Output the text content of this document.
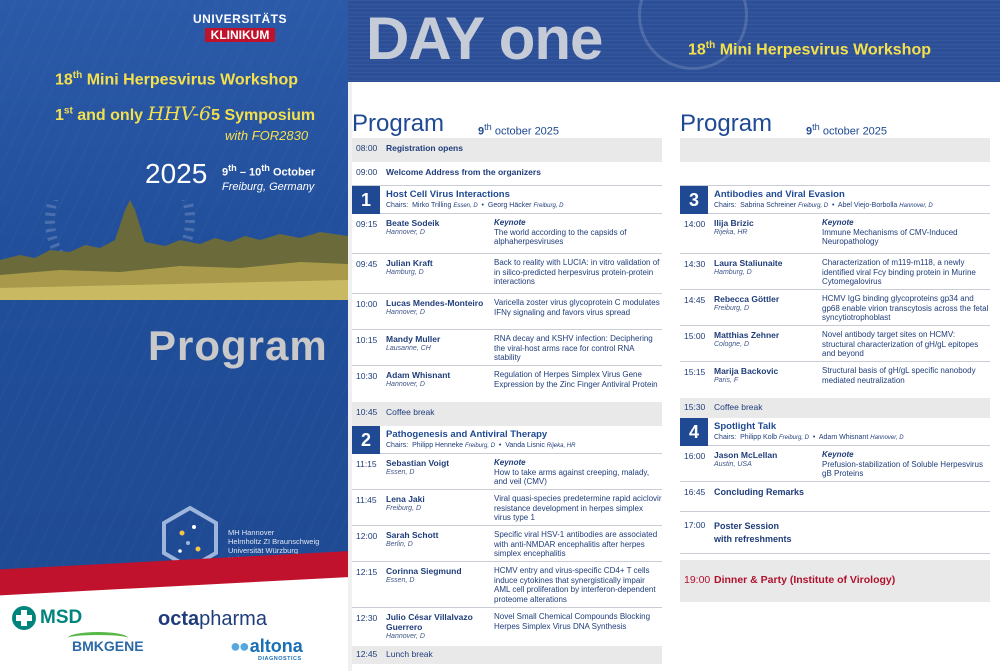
UNIVERSITÄTS
KLINIKUM
18th Mini Herpesvirus Workshop
1st and only HHV-65 Symposium
with FOR2830
2025 9th – 10th October
Freiburg, Germany
Program
MH Hannover
Helmholtz ZI Braunschweig
Universität Würzburg
MSD	octapharma
BMKGENE	●● altona
DIAGNOSTICS
DAY one	18th Mini Herpesvirus Workshop
Program	9th october 2025
08:00 Registration opens
09:00 Welcome Address from the organizers
1	Host Cell Virus Interactions
Chairs: Mirko Trilling Essen, D  •  Georg Häcker Freiburg, D
09:15 Beate Sodeik
Hannover, D
Keynote
The world according to the capsids of alphaherpesviruses
09:45 Julian Kraft
Hamburg, D
Back to reality with LUCIA: in vitro validation of in silico-predicted herpesvirus protein-protein interactions
10:00 Lucas Mendes-Monteiro
Hannover, D
Varicella zoster virus glycoprotein C modulates IFNγ signaling and favors virus spread
10:15 Mandy Muller
Lausanne, CH
RNA decay and KSHV infection: Deciphering the viral-host arms race for control RNA stability
10:30 Adam Whisnant
Hannover, D
Regulation of Herpes Simplex Virus Gene Expression by the Zinc Finger Antiviral Protein
10:45 Coffee break
2	Pathogenesis and Antiviral Therapy
Chairs: Philipp Henneke Freiburg, D  •  Vanda Lisnic Rijeka, HR
11:15 Sebastian Voigt
Essen, D
Keynote
How to take arms against creeping, malady, and veil (CMV)
11:45 Lena Jaki
Freiburg, D
Viral quasi-species predetermine rapid aciclovir resistance development in herpes simplex virus type 1
12:00 Sarah Schott
Berlin, D
Specific viral HSV-1 antibodies are associated with anti-NMDAR encephalitis after herpes simplex encephalitis
12:15 Corinna Siegmund
Essen, D
HCMV entry and virus-specific CD4+ T cells induce cytokines that synergistically impair AML cell proliferation by interferon-dependent proteome alterations
12:30 Julio César Villalvazo Guerrero
Hannover, D
Novel Small Chemical Compounds Blocking Herpes Simplex Virus DNA Synthesis
12:45 Lunch break
Program	9th october 2025
3	Antibodies and Viral Evasion
Chairs: Sabrina Schreiner Freiburg, D  •  Abel Viejo-Borbolla Hannover, D
14:00 Ilija Brizic
Rijeka, HR
Keynote
Immune Mechanisms of CMV-Induced Neuropathology
14:30 Laura Staliunaite
Hamburg, D
Characterization of m119-m118, a newly identified viral Fcγ binding protein in Murine Cytomegalovirus
14:45 Rebecca Göttler
Freiburg, D
HCMV IgG binding glycoproteins gp34 and gp68 enable virion transcytosis across the fetal syncytiotrophoblast
15:00 Matthias Zehner
Cologne, D
Novel antibody target sites on HCMV: structural characterization of gH/gL epitopes and beyond
15:15 Marija Backovic
Paris, F
Structural basis of gH/gL specific nanobody mediated neutralization
15:30 Coffee break
4	Spotlight Talk
Chairs: Philipp Kolb Freiburg, D  •  Adam Whisnant Hannover, D
16:00 Jason McLellan
Austin, USA
Keynote
Prefusion-stabilization of Soluble Herpesvirus gB Proteins
16:45 Concluding Remarks
17:00 Poster Session
with refreshments
19:00 Dinner & Party (Institute of Virology)
